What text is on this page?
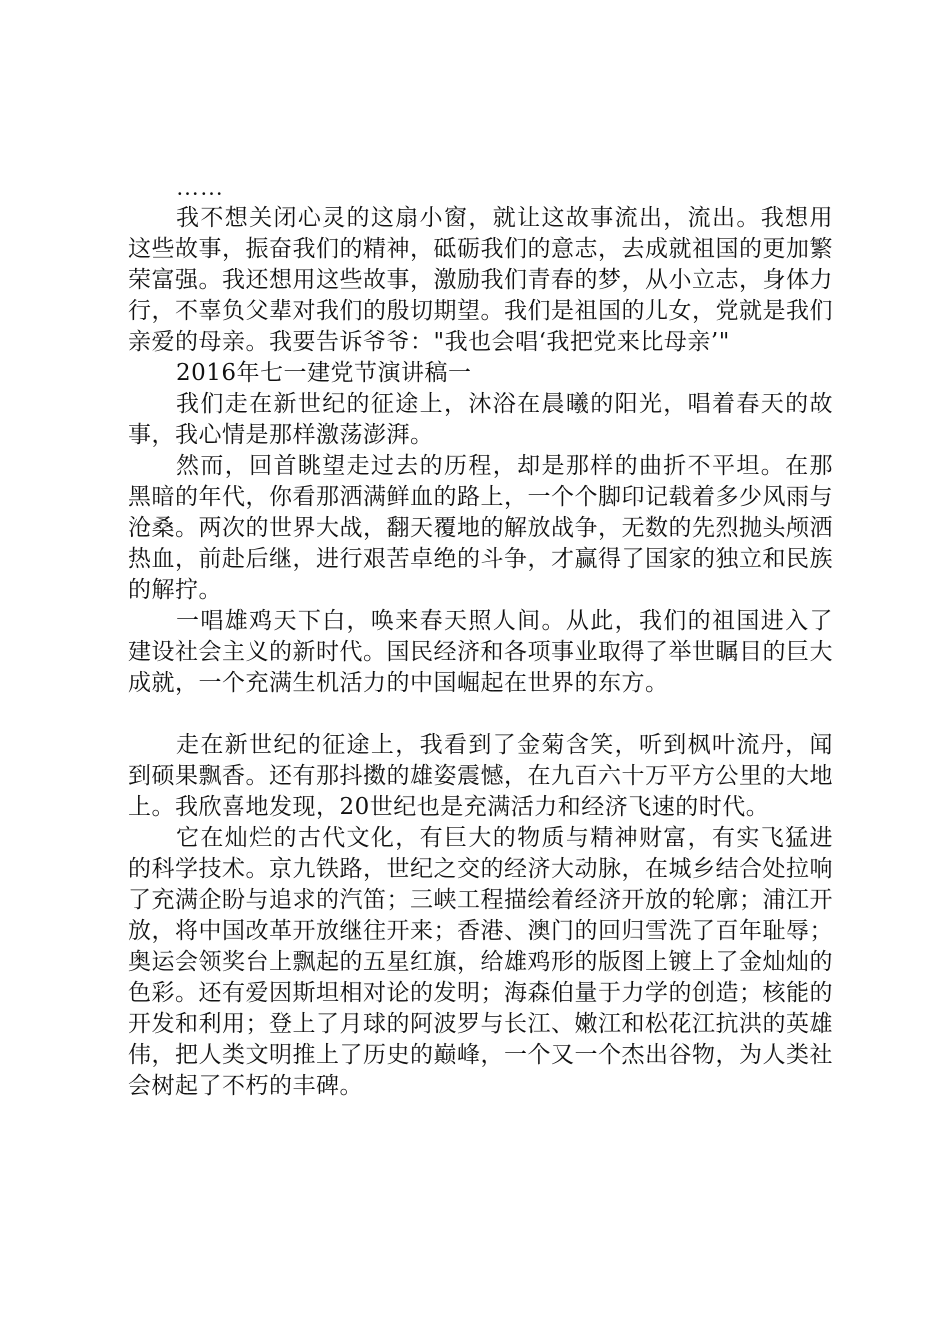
……

我不想关闭心灵的这扇小窗，就让这故事流出，流出。我想用这些故事，振奋我们的精神，砥砺我们的意志，去成就祖国的更加繁荣富强。我还想用这些故事，激励我们青春的梦，从小立志，身体力行，不辜负父辈对我们的殷切期望。我们是祖国的儿女，党就是我们亲爱的母亲。我要告诉爷爷："我也会唱‘我把党来比母亲’"

2016年七一建党节演讲稿一

我们走在新世纪的征途上，沐浴在晨曦的阳光，唱着春天的故事，我心情是那样激荡澎湃。

然而，回首眺望走过去的历程，却是那样的曲折不平坦。在那黑暗的年代，你看那洒满鲜血的路上，一个个脚印记载着多少风雨与沧桑。两次的世界大战，翻天覆地的解放战争，无数的先烈抛头颅洒热血，前赴后继，进行艰苦卓绝的斗争，才赢得了国家的独立和民族的解拧。

一唱雄鸡天下白，唤来春天照人间。从此，我们的祖国进入了建设社会主义的新时代。国民经济和各项事业取得了举世瞩目的巨大成就，一个充满生机活力的中国崛起在世界的东方。

走在新世纪的征途上，我看到了金菊含笑，听到枫叶流丹，闻到硕果飘香。还有那抖擞的雄姿震憾，在九百六十万平方公里的大地上。我欣喜地发现，20世纪也是充满活力和经济飞速的时代。

它在灿烂的古代文化，有巨大的物质与精神财富，有实飞猛进的科学技术。京九铁路，世纪之交的经济大动脉，在城乡结合处拉响了充满企盼与追求的汽笛；三峡工程描绘着经济开放的轮廓；浦江开放，将中国改革开放继往开来；香港、澳门的回归雪洗了百年耻辱；奥运会领奖台上飘起的五星红旗，给雄鸡形的版图上镀上了金灿灿的色彩。还有爱因斯坦相对论的发明；海森伯量于力学的创造；核能的开发和利用；登上了月球的阿波罗与长江、嫩江和松花江抗洪的英雄伟，把人类文明推上了历史的巅峰，一个又一个杰出谷物，为人类社会树起了不朽的丰碑。
